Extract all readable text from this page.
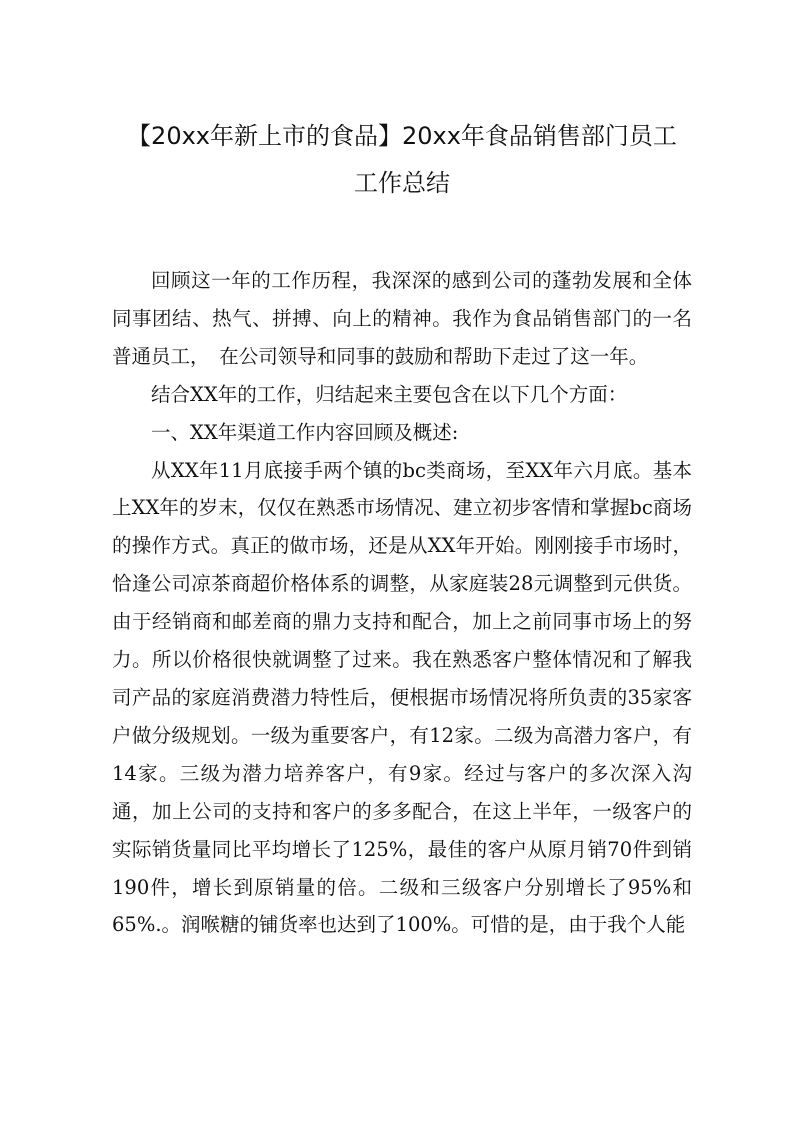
【20xx年新上市的食品】20xx年食品销售部门员工工作总结

回顾这一年的工作历程，我深深的感到公司的蓬勃发展和全体同事团结、热气、拼搏、向上的精神。我作为食品销售部门的一名普通员工，　在公司领导和同事的鼓励和帮助下走过了这一年。

结合XX年的工作，归结起来主要包含在以下几个方面：

一、XX年渠道工作内容回顾及概述:

从XX年11月底接手两个镇的bc类商场，至XX年六月底。基本上XX年的岁末，仅仅在熟悉市场情况、建立初步客情和掌握bc商场的操作方式。真正的做市场，还是从XX年开始。刚刚接手市场时，恰逢公司凉茶商超价格体系的调整，从家庭装28元调整到元供货。由于经销商和邮差商的鼎力支持和配合，加上之前同事市场上的努力。所以价格很快就调整了过来。我在熟悉客户整体情况和了解我司产品的家庭消费潜力特性后，便根据市场情况将所负责的35家客户做分级规划。一级为重要客户，有12家。二级为高潜力客户，有14家。三级为潜力培养客户，有9家。经过与客户的多次深入沟通，加上公司的支持和客户的多多配合，在这上半年，一级客户的实际销货量同比平均增长了125%，最佳的客户从原月销70件到销190件，增长到原销量的倍。二级和三级客户分别增长了95%和65%.。润喉糖的铺货率也达到了100%。可惜的是，由于我个人能
